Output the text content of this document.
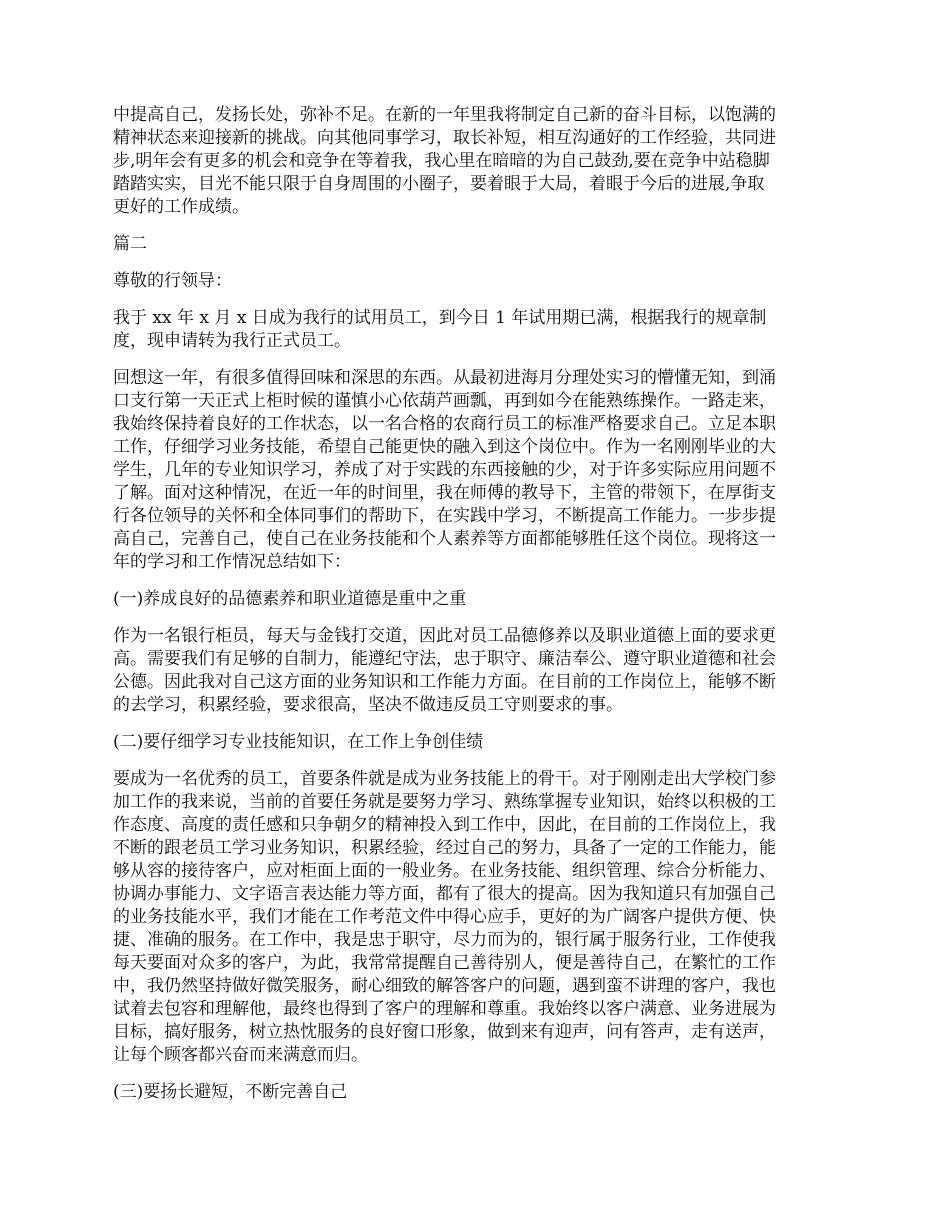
中提高自己，发扬长处，弥补不足。在新的一年里我将制定自己新的奋斗目标，以饱满的
精神状态来迎接新的挑战。向其他同事学习，取长补短，相互沟通好的工作经验，共同进
步,明年会有更多的机会和竞争在等着我，我心里在暗暗的为自己鼓劲,要在竞争中站稳脚
踏踏实实，目光不能只限于自身周围的小圈子，要着眼于大局，着眼于今后的进展,争取
更好的工作成绩。
篇二
尊敬的行领导：
我于 xx 年 x 月 x 日成为我行的试用员工，到今日 1 年试用期已满，根据我行的规章制
度，现申请转为我行正式员工。
回想这一年，有很多值得回味和深思的东西。从最初进海月分理处实习的懵懂无知，到涌
口支行第一天正式上柜时候的谨慎小心依葫芦画瓢，再到如今在能熟练操作。一路走来，
我始终保持着良好的工作状态，以一名合格的农商行员工的标准严格要求自己。立足本职
工作，仔细学习业务技能，希望自己能更快的融入到这个岗位中。作为一名刚刚毕业的大
学生，几年的专业知识学习，养成了对于实践的东西接触的少，对于许多实际应用问题不
了解。面对这种情况，在近一年的时间里，我在师傅的教导下，主管的带领下，在厚街支
行各位领导的关怀和全体同事们的帮助下，在实践中学习，不断提高工作能力。一步步提
高自己，完善自己，使自己在业务技能和个人素养等方面都能够胜任这个岗位。现将这一
年的学习和工作情况总结如下：
(一)养成良好的品德素养和职业道德是重中之重
作为一名银行柜员，每天与金钱打交道，因此对员工品德修养以及职业道德上面的要求更
高。需要我们有足够的自制力，能遵纪守法，忠于职守、廉洁奉公、遵守职业道德和社会
公德。因此我对自己这方面的业务知识和工作能力方面。在目前的工作岗位上，能够不断
的去学习，积累经验，要求很高，坚决不做违反员工守则要求的事。
(二)要仔细学习专业技能知识，在工作上争创佳绩
要成为一名优秀的员工，首要条件就是成为业务技能上的骨干。对于刚刚走出大学校门参
加工作的我来说，当前的首要任务就是要努力学习、熟练掌握专业知识，始终以积极的工
作态度、高度的责任感和只争朝夕的精神投入到工作中，因此，在目前的工作岗位上，我
不断的跟老员工学习业务知识，积累经验，经过自己的努力，具备了一定的工作能力，能
够从容的接待客户，应对柜面上面的一般业务。在业务技能、组织管理、综合分析能力、
协调办事能力、文字语言表达能力等方面，都有了很大的提高。因为我知道只有加强自己
的业务技能水平，我们才能在工作考范文件中得心应手，更好的为广阔客户提供方便、快
捷、准确的服务。在工作中，我是忠于职守，尽力而为的，银行属于服务行业，工作使我
每天要面对众多的客户，为此，我常常提醒自己善待别人，便是善待自己，在繁忙的工作
中，我仍然坚持做好微笑服务，耐心细致的解答客户的问题，遇到蛮不讲理的客户，我也
试着去包容和理解他，最终也得到了客户的理解和尊重。我始终以客户满意、业务进展为
目标，搞好服务，树立热忱服务的良好窗口形象，做到来有迎声，问有答声，走有送声，
让每个顾客都兴奋而来满意而归。
(三)要扬长避短，不断完善自己
